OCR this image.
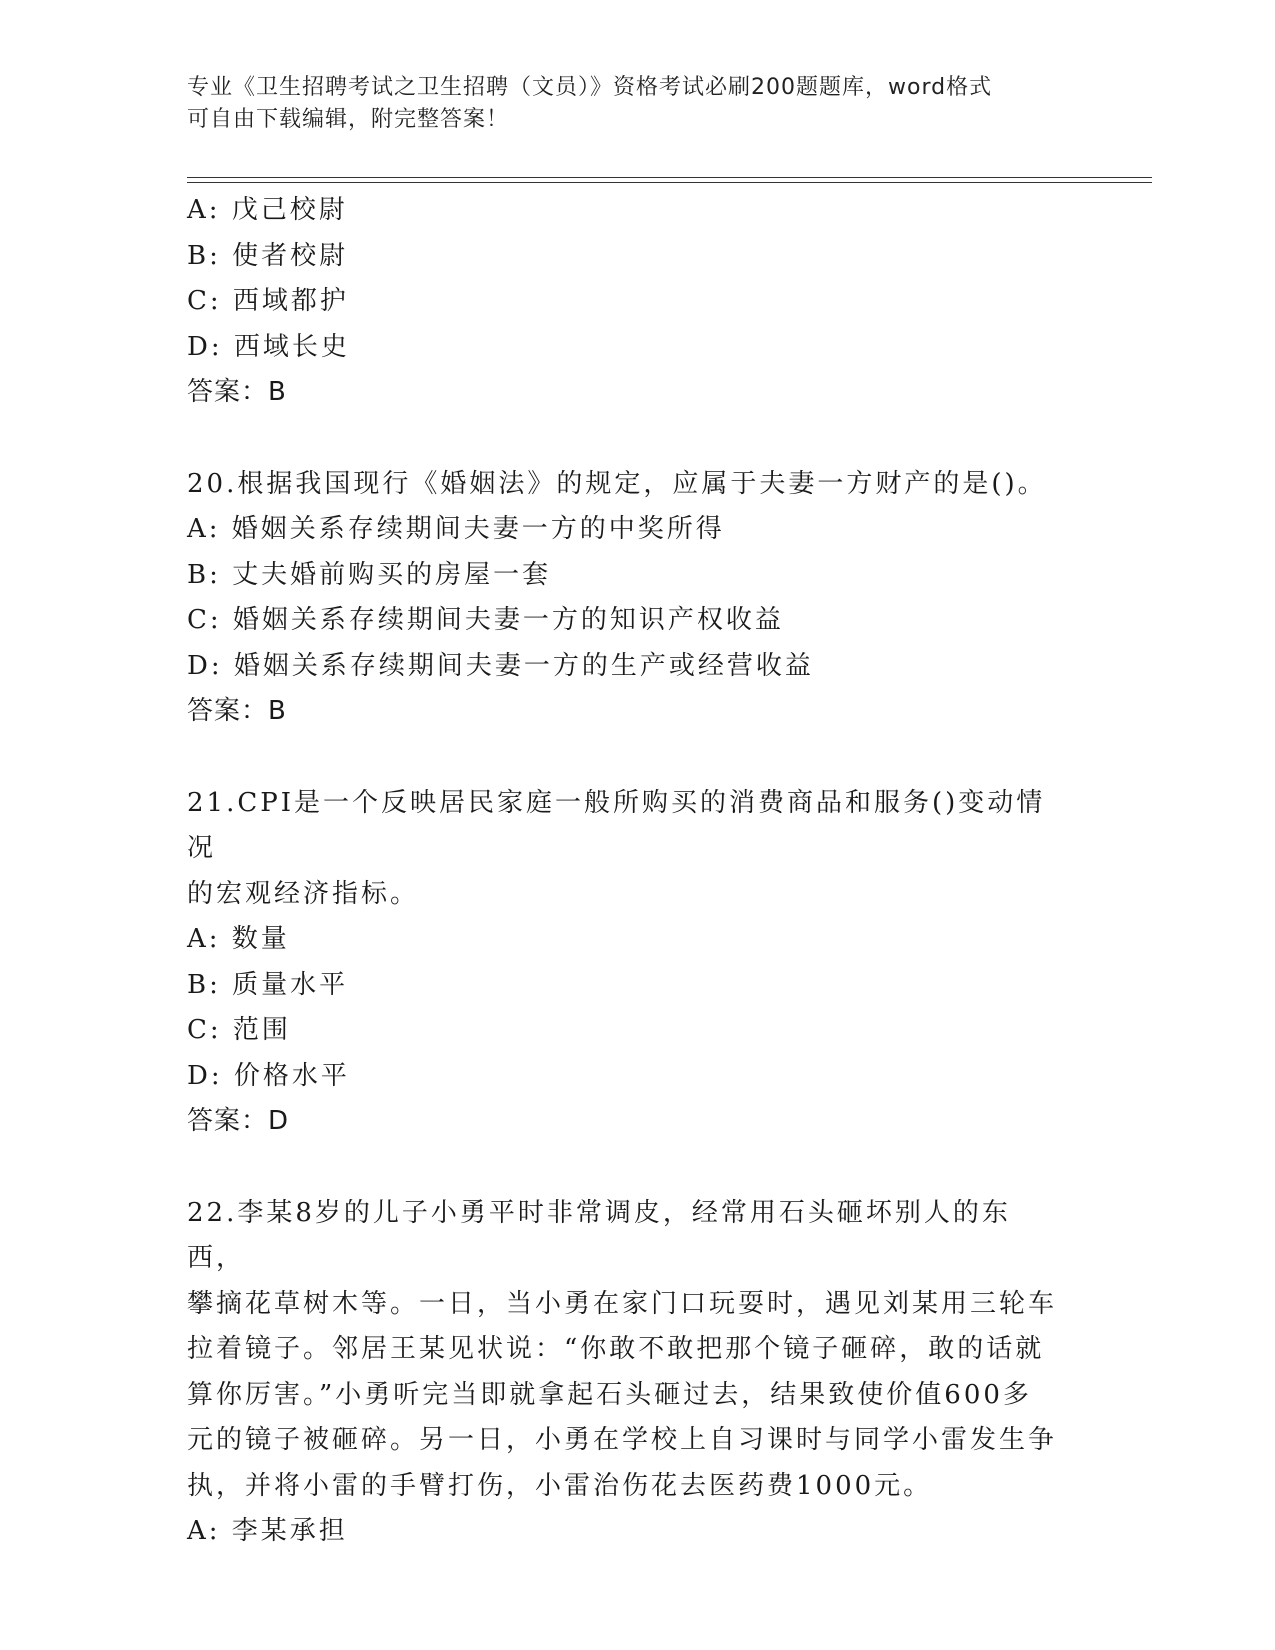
专业《卫生招聘考试之卫生招聘（文员）》资格考试必刷200题题库，word格式
可自由下载编辑，附完整答案！
A: 戊己校尉
B: 使者校尉
C: 西域都护
D: 西域长史
答案：B
20.根据我国现行《婚姻法》的规定，应属于夫妻一方财产的是()。
A: 婚姻关系存续期间夫妻一方的中奖所得
B: 丈夫婚前购买的房屋一套
C: 婚姻关系存续期间夫妻一方的知识产权收益
D: 婚姻关系存续期间夫妻一方的生产或经营收益
答案：B
21.CPI是一个反映居民家庭一般所购买的消费商品和服务()变动情况
的宏观经济指标。
A: 数量
B: 质量水平
C: 范围
D: 价格水平
答案：D
22.李某8岁的儿子小勇平时非常调皮，经常用石头砸坏别人的东西，
攀摘花草树木等。一日，当小勇在家门口玩耍时，遇见刘某用三轮车
拉着镜子。邻居王某见状说：“你敢不敢把那个镜子砸碎，敢的话就
算你厉害。”小勇听完当即就拿起石头砸过去，结果致使价值600多
元的镜子被砸碎。另一日，小勇在学校上自习课时与同学小雷发生争
执，并将小雷的手臂打伤，小雷治伤花去医药费1000元。
A: 李某承担
